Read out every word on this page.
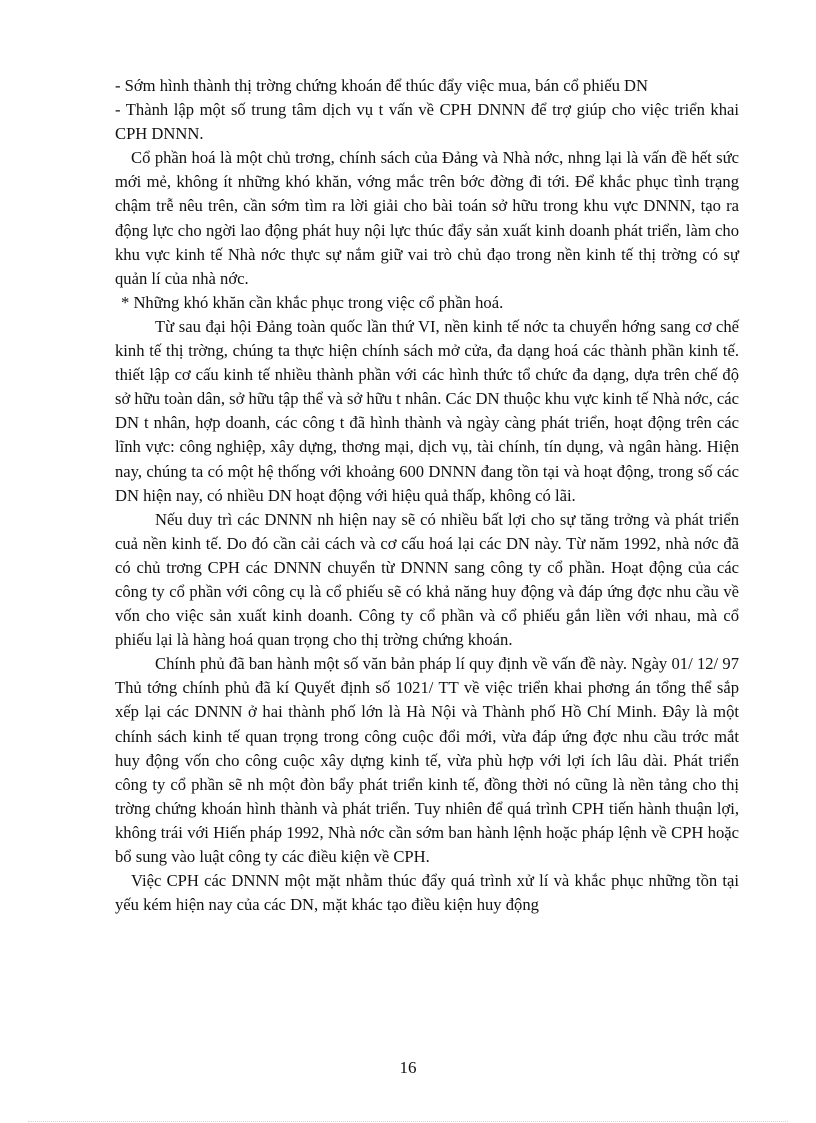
- Sớm hình thành thị trờng chứng khoán để thúc đẩy việc mua, bán cổ phiếu DN

- Thành lập một số trung tâm dịch vụ t vấn về CPH DNNN để trợ giúp cho việc triển khai CPH DNNN.

Cổ phần hoá là một chủ trơng, chính sách của Đảng và Nhà nớc, nhng lại là vấn đề hết sức mới mẻ, không ít những khó khăn, vớng mắc trên bớc đờng đi tới. Để khắc phục tình trạng chậm trễ nêu trên, cần sớm tìm ra lời giải cho bài toán sở hữu trong khu vực DNNN, tạo ra động lực cho ngời lao động phát huy nội lực thúc đẩy sản xuất kinh doanh phát triển, làm cho khu vực kinh tế Nhà nớc thực sự nắm giữ vai trò chủ đạo trong nền kinh tế thị trờng có sự quản lí của nhà nớc.

* Những khó khăn cần khắc phục trong việc cổ phần hoá.

Từ sau đại hội Đảng toàn quốc lần thứ VI, nền kinh tế nớc ta chuyển hớng sang cơ chế kinh tế thị trờng, chúng ta thực hiện chính sách mở cửa, đa dạng hoá các thành phần kinh tế. thiết lập cơ cấu kinh tế nhiều thành phần với các hình thức tổ chức đa dạng, dựa trên chế độ sở hữu toàn dân, sở hữu tập thể và sở hữu t nhân. Các DN thuộc khu vực kinh tế Nhà nớc, các DN t nhân, hợp doanh, các công t đã hình thành và ngày càng phát triển, hoạt động trên các lĩnh vực: công nghiệp, xây dựng, thơng mại, dịch vụ, tài chính, tín dụng, và ngân hàng. Hiện nay, chúng ta có một hệ thống với khoảng 600 DNNN đang tồn tại và hoạt động, trong số các DN hiện nay, có nhiều DN hoạt động với hiệu quả thấp, không có lãi.

Nếu duy trì các DNNN nh hiện nay sẽ có nhiều bất lợi cho sự tăng trởng và phát triển cuả nền kinh tế. Do đó cần cải cách và cơ cấu hoá lại các DN này. Từ năm 1992, nhà nớc đã có chủ trơng CPH các DNNN chuyển từ DNNN sang công ty cổ phần. Hoạt động của các công ty cổ phần với công cụ là cổ phiếu sẽ có khả năng huy động và đáp ứng đợc nhu cầu về vốn cho việc sản xuất kinh doanh. Công ty cổ phần và cổ phiếu gắn liền với nhau, mà cổ phiếu lại là hàng hoá quan trọng cho thị trờng chứng khoán.

Chính phủ đã ban hành một số văn bản pháp lí quy định về vấn đề này. Ngày 01/ 12/ 97 Thủ tớng chính phủ đã kí Quyết định số 1021/ TT về việc triển khai phơng án tổng thể sắp xếp lại các DNNN ở hai thành phố lớn là Hà Nội và Thành phố Hồ Chí Minh. Đây là một chính sách kinh tế quan trọng trong công cuộc đổi mới, vừa đáp ứng đợc nhu cầu trớc mắt huy động vốn cho công cuộc xây dựng kinh tế, vừa phù hợp với lợi ích lâu dài. Phát triển công ty cổ phần sẽ nh một đòn bẩy phát triển kinh tế, đồng thời nó cũng là nền tảng cho thị trờng chứng khoán hình thành và phát triển. Tuy nhiên để quá trình CPH tiến hành thuận lợi, không trái với Hiến pháp 1992, Nhà nớc cần sớm ban hành lệnh hoặc pháp lệnh về CPH hoặc bổ sung vào luật công ty các điều kiện về CPH.

Việc CPH các DNNN một mặt nhằm thúc đẩy quá trình xử lí và khắc phục những tồn tại yếu kém hiện nay của các DN, mặt khác tạo điều kiện huy động

16
